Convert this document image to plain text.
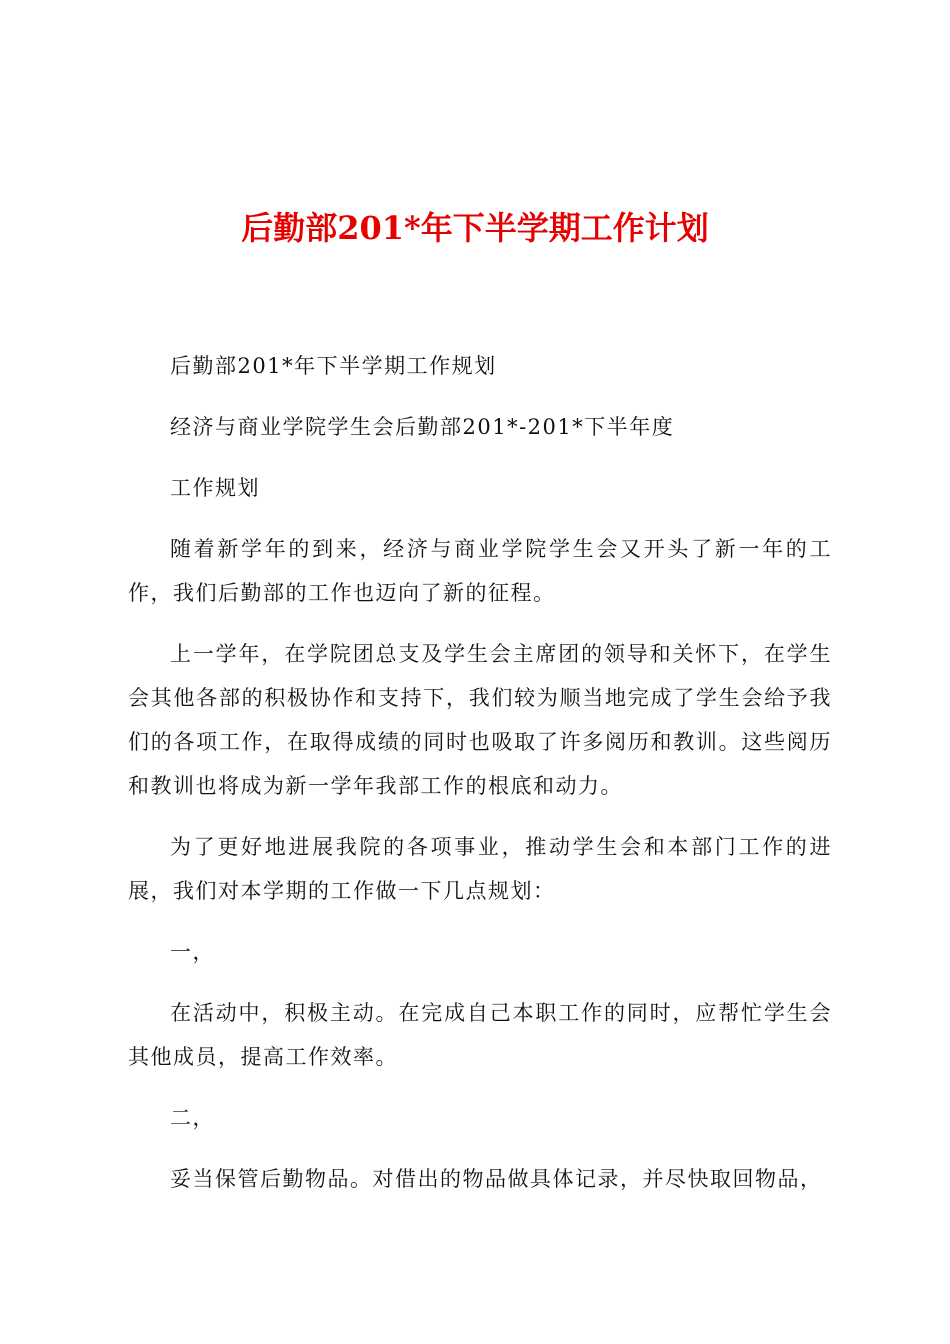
后勤部201*年下半学期工作计划

后勤部201*年下半学期工作规划

经济与商业学院学生会后勤部201*-201*下半年度

工作规划

随着新学年的到来，经济与商业学院学生会又开头了新一年的工作，我们后勤部的工作也迈向了新的征程。

上一学年，在学院团总支及学生会主席团的领导和关怀下，在学生会其他各部的积极协作和支持下，我们较为顺当地完成了学生会给予我们的各项工作，在取得成绩的同时也吸取了许多阅历和教训。这些阅历和教训也将成为新一学年我部工作的根底和动力。

为了更好地进展我院的各项事业，推动学生会和本部门工作的进展，我们对本学期的工作做一下几点规划：

一，

在活动中，积极主动。在完成自己本职工作的同时，应帮忙学生会其他成员，提高工作效率。

二，

妥当保管后勤物品。对借出的物品做具体记录，并尽快取回物品，
